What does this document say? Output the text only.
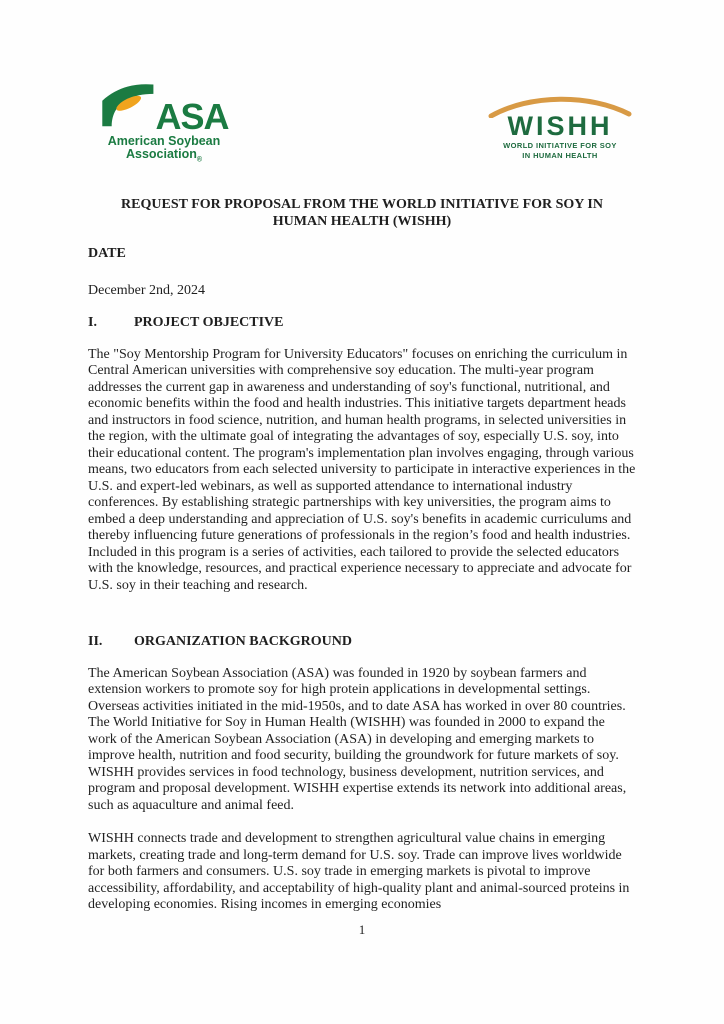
ASA
American Soybean
Association$_®$
WISHH
WORLD INITIATIVE FOR SOY
IN HUMAN HEALTH
REQUEST FOR PROPOSAL FROM THE WORLD INITIATIVE FOR SOY IN HUMAN HEALTH (WISHH)

DATE

December 2nd, 2024

I.	PROJECT OBJECTIVE

The "Soy Mentorship Program for University Educators" focuses on enriching the curriculum in Central American universities with comprehensive soy education. The multi-year program addresses the current gap in awareness and understanding of soy's functional, nutritional, and economic benefits within the food and health industries. This initiative targets department heads and instructors in food science, nutrition, and human health programs, in selected universities in the region, with the ultimate goal of integrating the advantages of soy, especially U.S. soy, into their educational content. The program's implementation plan involves engaging, through various means, two educators from each selected university to participate in interactive experiences in the U.S. and expert-led webinars, as well as supported attendance to international industry conferences. By establishing strategic partnerships with key universities, the program aims to embed a deep understanding and appreciation of U.S. soy's benefits in academic curriculums and thereby influencing future generations of professionals in the region’s food and health industries. Included in this program is a series of activities, each tailored to provide the selected educators with the knowledge, resources, and practical experience necessary to appreciate and advocate for U.S. soy in their teaching and research.

II. ORGANIZATION BACKGROUND

The American Soybean Association (ASA) was founded in 1920 by soybean farmers and extension workers to promote soy for high protein applications in developmental settings. Overseas activities initiated in the mid-1950s, and to date ASA has worked in over 80 countries. The World Initiative for Soy in Human Health (WISHH) was founded in 2000 to expand the work of the American Soybean Association (ASA) in developing and emerging markets to improve health, nutrition and food security, building the groundwork for future markets of soy. WISHH provides services in food technology, business development, nutrition services, and program and proposal development. WISHH expertise extends its network into additional areas, such as aquaculture and animal feed.

WISHH connects trade and development to strengthen agricultural value chains in emerging markets, creating trade and long-term demand for U.S. soy. Trade can improve lives worldwide for both farmers and consumers. U.S. soy trade in emerging markets is pivotal to improve accessibility, affordability, and acceptability of high-quality plant and animal-sourced proteins in developing economies. Rising incomes in emerging economies

1
